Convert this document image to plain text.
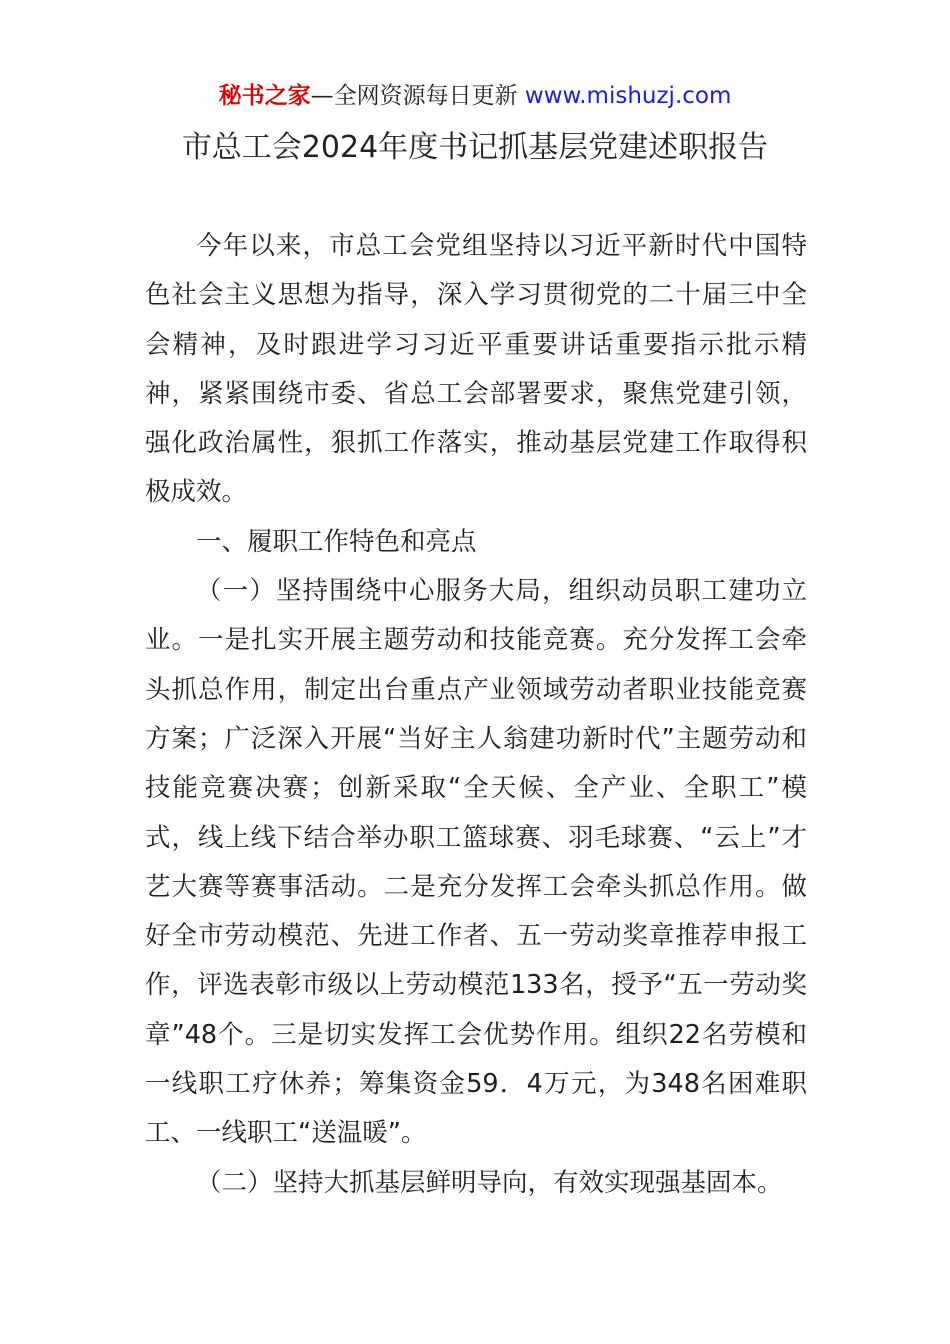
秘书之家—全网资源每日更新 www.mishuzj.com
市总工会2024年度书记抓基层党建述职报告

今年以来，市总工会党组坚持以习近平新时代中国特色社会主义思想为指导，深入学习贯彻党的二十届三中全会精神，及时跟进学习习近平重要讲话重要指示批示精神，紧紧围绕市委、省总工会部署要求，聚焦党建引领，强化政治属性，狠抓工作落实，推动基层党建工作取得积极成效。

一、履职工作特色和亮点

（一）坚持围绕中心服务大局，组织动员职工建功立业。一是扎实开展主题劳动和技能竞赛。充分发挥工会牵头抓总作用，制定出台重点产业领域劳动者职业技能竞赛方案；广泛深入开展“当好主人翁建功新时代”主题劳动和技能竞赛决赛；创新采取“全天候、全产业、全职工”模式，线上线下结合举办职工篮球赛、羽毛球赛、“云上”才艺大赛等赛事活动。二是充分发挥工会牵头抓总作用。做好全市劳动模范、先进工作者、五一劳动奖章推荐申报工作，评选表彰市级以上劳动模范133名，授予“五一劳动奖章”48个。三是切实发挥工会优势作用。组织22名劳模和一线职工疗休养；筹集资金59．4万元，为348名困难职工、一线职工“送温暖”。

（二）坚持大抓基层鲜明导向，有效实现强基固本。
